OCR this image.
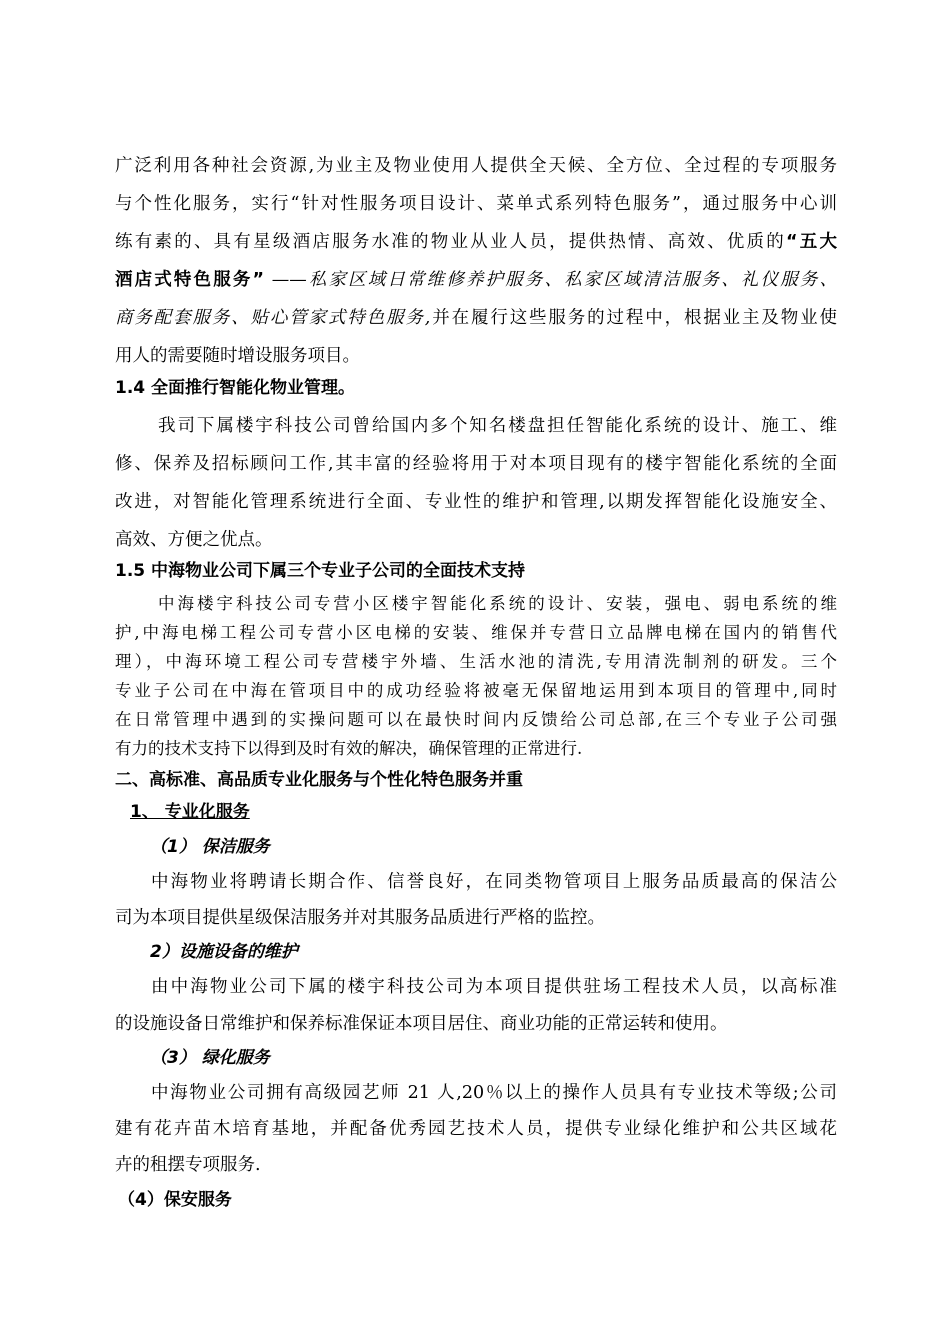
广泛利用各种社会资源,为业主及物业使用人提供全天候、全方位、全过程的专项服务
与个性化服务，实行“针对性服务项目设计、菜单式系列特色服务”，通过服务中心训
练有素的、具有星级酒店服务水准的物业从业人员，提供热情、高效、优质的“五大
酒店式特色服务” ——私家区域日常维修养护服务、私家区域清洁服务、礼仪服务、
商务配套服务、贴心管家式特色服务,并在履行这些服务的过程中，根据业主及物业使
用人的需要随时增设服务项目。
1.4 全面推行智能化物业管理。
我司下属楼宇科技公司曾给国内多个知名楼盘担任智能化系统的设计、施工、维
修、保养及招标顾问工作,其丰富的经验将用于对本项目现有的楼宇智能化系统的全面
改进，对智能化管理系统进行全面、专业性的维护和管理,以期发挥智能化设施安全、
高效、方便之优点。
1.5 中海物业公司下属三个专业子公司的全面技术支持
中海楼宇科技公司专营小区楼宇智能化系统的设计、安装，强电、弱电系统的维
护,中海电梯工程公司专营小区电梯的安装、维保并专营日立品牌电梯在国内的销售代
理），中海环境工程公司专营楼宇外墙、生活水池的清洗,专用清洗制剂的研发。三个
专业子公司在中海在管项目中的成功经验将被毫无保留地运用到本项目的管理中,同时
在日常管理中遇到的实操问题可以在最快时间内反馈给公司总部,在三个专业子公司强
有力的技术支持下以得到及时有效的解决，确保管理的正常进行.
二、高标准、高品质专业化服务与个性化特色服务并重
1、 专业化服务
（1） 保洁服务
中海物业将聘请长期合作、信誉良好，在同类物管项目上服务品质最高的保洁公
司为本项目提供星级保洁服务并对其服务品质进行严格的监控。
2）设施设备的维护
由中海物业公司下属的楼宇科技公司为本项目提供驻场工程技术人员，以高标准
的设施设备日常维护和保养标准保证本项目居住、商业功能的正常运转和使用。
（3） 绿化服务
中海物业公司拥有高级园艺师 21 人,20％以上的操作人员具有专业技术等级;公司
建有花卉苗木培育基地，并配备优秀园艺技术人员，提供专业绿化维护和公共区域花
卉的租摆专项服务.
（4）保安服务
